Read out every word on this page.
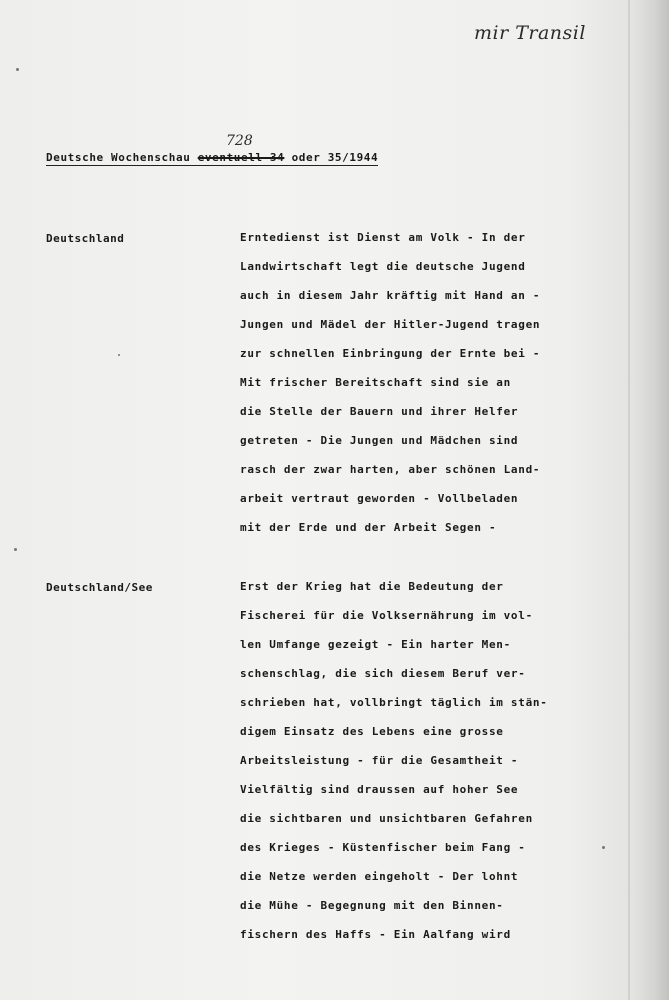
mir Transil
728
Deutsche Wochenschau eventuell 34 oder 35/1944
Deutschland	Erntedienst ist Dienst am Volk - In der
Landwirtschaft legt die deutsche Jugend
auch in diesem Jahr kräftig mit Hand an -
Jungen und Mädel der Hitler-Jugend tragen
zur schnellen Einbringung der Ernte bei -
Mit frischer Bereitschaft sind sie an
die Stelle der Bauern und ihrer Helfer
getreten - Die Jungen und Mädchen sind
rasch der zwar harten, aber schönen Land-
arbeit vertraut geworden - Vollbeladen
mit der Erde und der Arbeit Segen -
Deutschland/See	Erst der Krieg hat die Bedeutung der
Fischerei für die Volksernährung im vol-
len Umfange gezeigt - Ein harter Men-
schenschlag, die sich diesem Beruf ver-
schrieben hat, vollbringt täglich im stän-
digem Einsatz des Lebens eine grosse
Arbeitsleistung - für die Gesamtheit -
Vielfältig sind draussen auf hoher See
die sichtbaren und unsichtbaren Gefahren
des Krieges - Küstenfischer beim Fang -
die Netze werden eingeholt - Der lohnt
die Mühe - Begegnung mit den Binnen-
fischern des Haffs - Ein Aalfang wird
